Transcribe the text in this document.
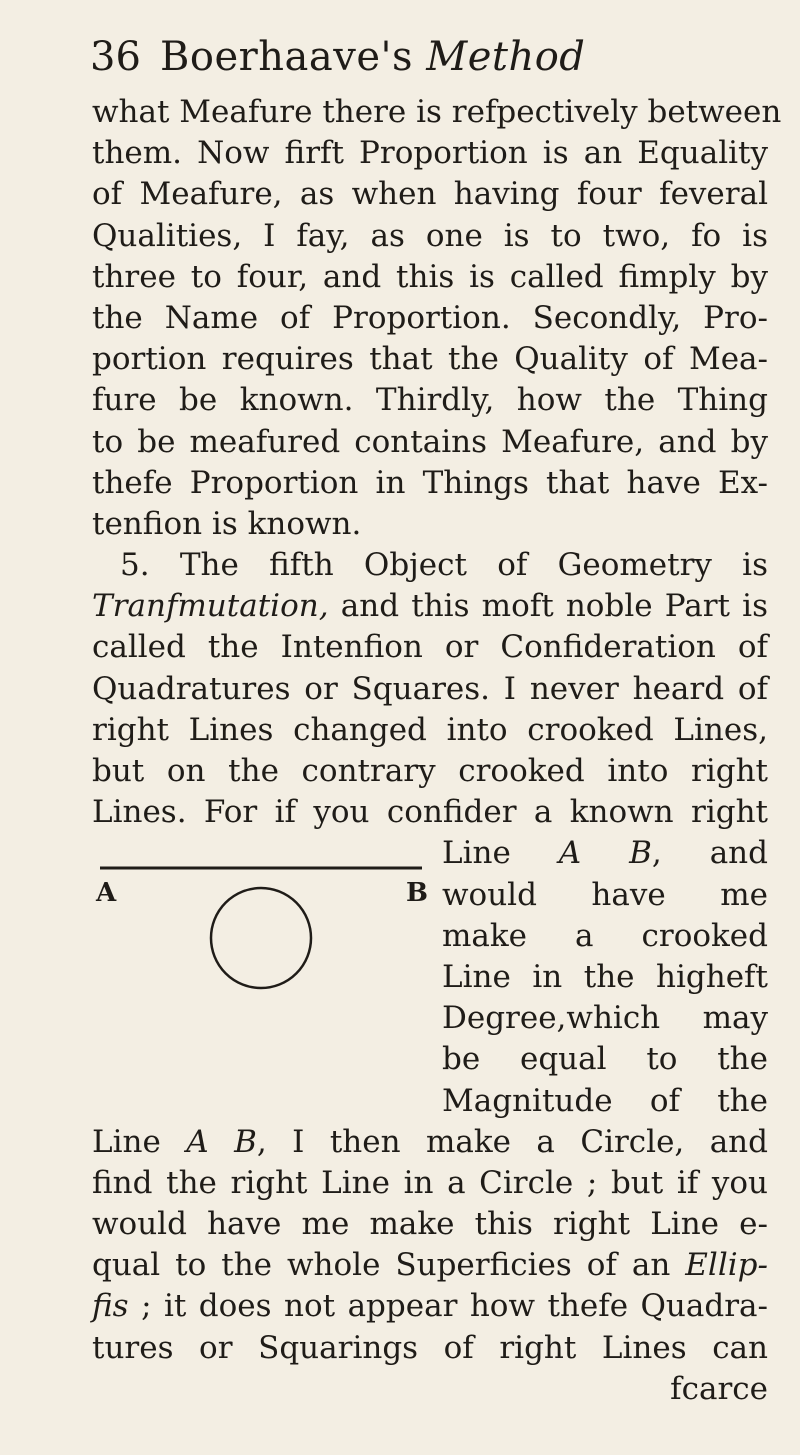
36 Boerhaave's Method
what Meafure there is refpectively between
them. Now firft Proportion is an Equality
of Meafure, as when having four feveral
Qualities, I fay, as one is to two, fo is
three to four, and this is called fimply by
the Name of Proportion. Secondly, Pro-
portion requires that the Quality of Mea-
fure be known. Thirdly, how the Thing
to be meafured contains Meafure, and by
thefe Proportion in Things that have Ex-
tenfion is known.
5. The fifth Object of Geometry is
Tranfmutation, and this moft noble Part is
called the Intenfion or Confideration of
Quadratures or Squares. I never heard of
right Lines changed into crooked Lines,
but on the contrary crooked into right
Lines. For if you confider a known right
Line A B, and
would have me
make a crooked
Line in the higheft
Degree,which may
be equal to the
Magnitude of the
Line A B, I then make a Circle, and
find the right Line in a Circle ; but if you
would have me make this right Line e-
qual to the whole Superficies of an Ellip-
fis ; it does not appear how thefe Quadra-
tures or Squarings of right Lines can
fcarce
A	B
